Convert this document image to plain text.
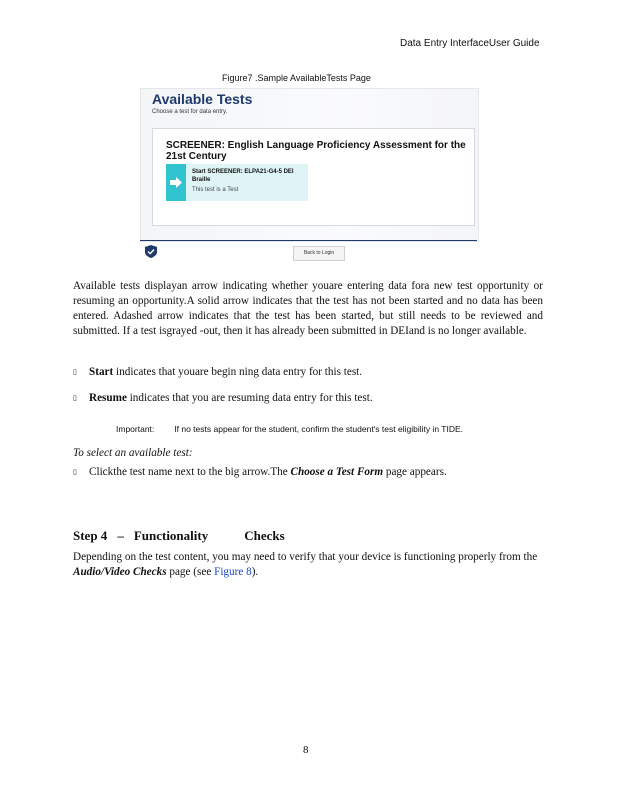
Data Entry InterfaceUser Guide
Figure7 .Sample AvailableTests Page
Available Tests
Choose a test for data entry.
SCREENER: English Language Proficiency Assessment for the 21st Century
Start SCREENER: ELPA21-G4-5 DEI
Braille
This test is a Test
Back to Login
Available tests displayan arrow indicating whether youare entering data fora new test opportunity or resuming an opportunity.A solid arrow indicates that the test has not been started and no data has been entered. Adashed arrow indicates that the test has been started, but still needs to be reviewed and submitted. If a test isgrayed -out, then it has already been submitted in DEIand is no longer available.
▯ Start indicates that youare begin ning data entry for this test.
▯ Resume indicates that you are resuming data entry for this test.
Important: If no tests appear for the student, confirm the student's test eligibility in TIDE.
To select an available test:
▯ Clickthe test name next to the big arrow.The Choose a Test Form page appears.
Step 4 – Functionality	Checks
Depending on the test content, you may need to verify that your device is functioning properly from the Audio/Video Checks page (see Figure 8).
8
